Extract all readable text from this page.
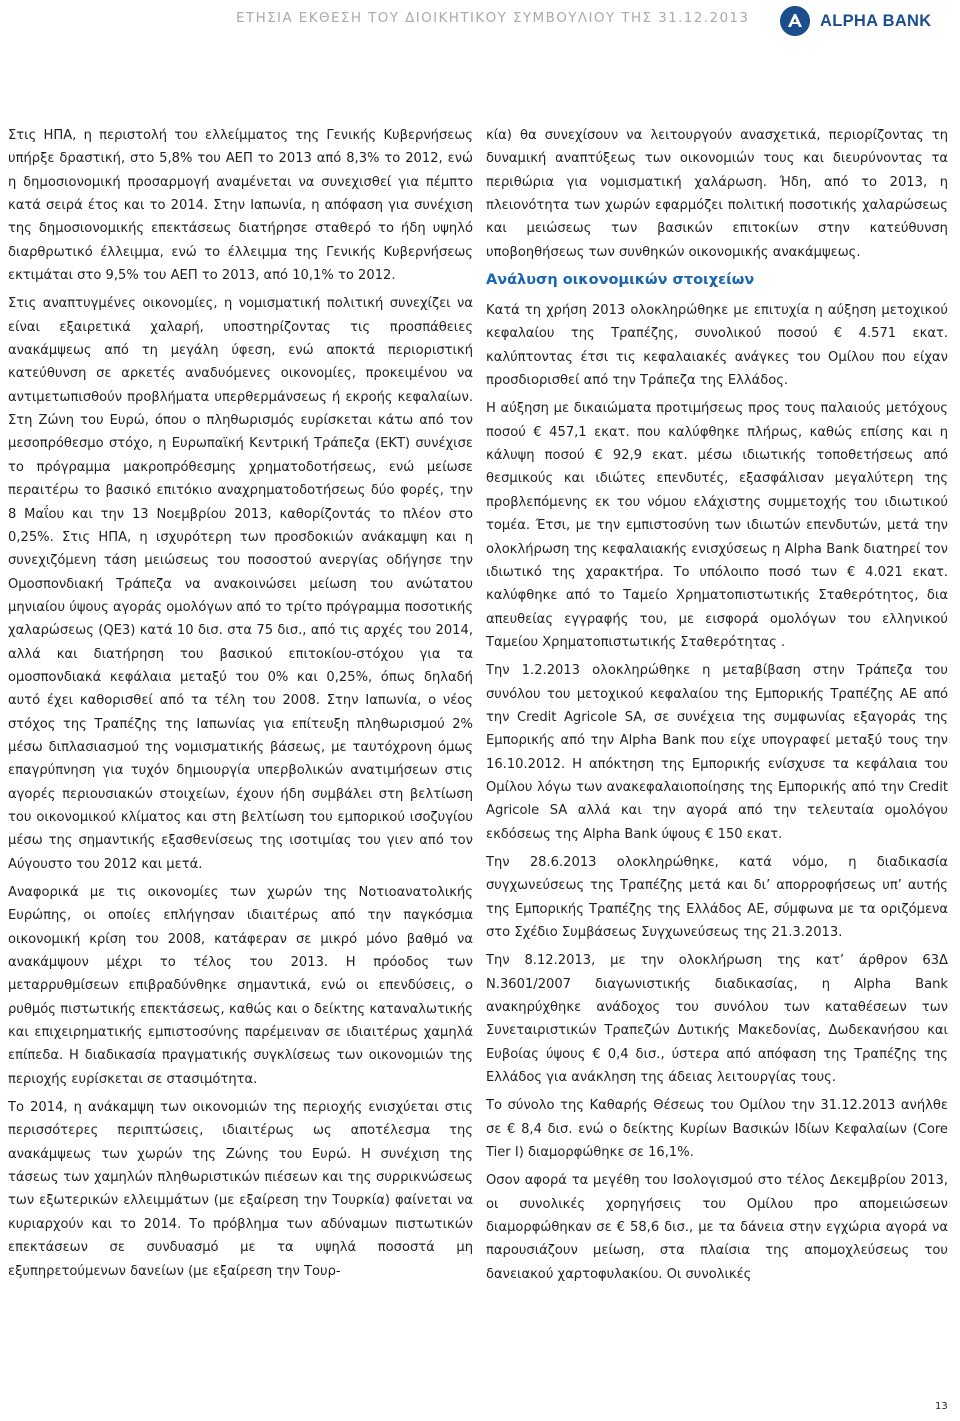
ΕΤΗΣΙΑ ΕΚΘΕΣΗ ΤΟΥ ΔΙΟΙΚΗΤΙΚΟΥ ΣΥΜΒΟΥΛΙΟΥ ΤΗΣ 31.12.2013	ALPHA BANK

Στις ΗΠΑ, η περιστολή του ελλείμματος της Γενικής Κυβερνήσεως υπήρξε δραστική, στο 5,8% του ΑΕΠ το 2013 από 8,3% το 2012, ενώ η δημοσιονομική προσαρμογή αναμένεται να συνεχισθεί για πέμπτο κατά σειρά έτος και το 2014. Στην Ιαπωνία, η απόφαση για συνέχιση της δημοσιονομικής επεκτάσεως διατήρησε σταθερό το ήδη υψηλό διαρθρωτικό έλλειμμα, ενώ το έλλειμμα της Γενικής Κυβερνήσεως εκτιμάται στο 9,5% του ΑΕΠ το 2013, από 10,1% το 2012.

Στις αναπτυγμένες οικονομίες, η νομισματική πολιτική συνεχίζει να είναι εξαιρετικά χαλαρή, υποστηρίζοντας τις προσπάθειες ανακάμψεως από τη μεγάλη ύφεση, ενώ αποκτά περιοριστική κατεύθυνση σε αρκετές αναδυόμενες οικονομίες, προκειμένου να αντιμετωπισθούν προβλήματα υπερθερμάνσεως ή εκροής κεφαλαίων. Στη Ζώνη του Ευρώ, όπου ο πληθωρισμός ευρίσκεται κάτω από τον μεσοπρόθεσμο στόχο, η Ευρωπαϊκή Κεντρική Τράπεζα (ΕΚΤ) συνέχισε το πρόγραμμα μακροπρόθεσμης χρηματοδοτήσεως, ενώ μείωσε περαιτέρω το βασικό επιτόκιο αναχρηματοδοτήσεως δύο φορές, την 8 Μαΐου και την 13 Νοεμβρίου 2013, καθορίζοντάς το πλέον στο 0,25%. Στις ΗΠΑ, η ισχυρότερη των προσδοκιών ανάκαμψη και η συνεχιζόμενη τάση μειώσεως του ποσοστού ανεργίας οδήγησε την Ομοσπονδιακή Τράπεζα να ανακοινώσει μείωση του ανώτατου μηνιαίου ύψους αγοράς ομολόγων από το τρίτο πρόγραμμα ποσοτικής χαλαρώσεως (QE3) κατά 10 δισ. στα 75 δισ., από τις αρχές του 2014, αλλά και διατήρηση του βασικού επιτοκίου-στόχου για τα ομοσπονδιακά κεφάλαια μεταξύ του 0% και 0,25%, όπως δηλαδή αυτό έχει καθορισθεί από τα τέλη του 2008. Στην Ιαπωνία, ο νέος στόχος της Τραπέζης της Ιαπωνίας για επίτευξη πληθωρισμού 2% μέσω διπλασιασμού της νομισματικής βάσεως, με ταυτόχρονη όμως επαγρύπνηση για τυχόν δημιουργία υπερβολικών ανατιμήσεων στις αγορές περιουσιακών στοιχείων, έχουν ήδη συμβάλει στη βελτίωση του οικονομικού κλίματος και στη βελτίωση του εμπορικού ισοζυγίου μέσω της σημαντικής εξασθενίσεως της ισοτιμίας του γιεν από τον Αύγουστο του 2012 και μετά.

Αναφορικά με τις οικονομίες των χωρών της Νοτιοανατολικής Ευρώπης, οι οποίες επλήγησαν ιδιαιτέρως από την παγκόσμια οικονομική κρίση του 2008, κατάφεραν σε μικρό μόνο βαθμό να ανακάμψουν μέχρι το τέλος του 2013. Η πρόοδος των μεταρρυθμίσεων επιβραδύνθηκε σημαντικά, ενώ οι επενδύσεις, ο ρυθμός πιστωτικής επεκτάσεως, καθώς και ο δείκτης καταναλωτικής και επιχειρηματικής εμπιστοσύνης παρέμειναν σε ιδιαιτέρως χαμηλά επίπεδα. Η διαδικασία πραγματικής συγκλίσεως των οικονομιών της περιοχής ευρίσκεται σε στασιμότητα.

Το 2014, η ανάκαμψη των οικονομιών της περιοχής ενισχύεται στις περισσότερες περιπτώσεις, ιδιαιτέρως ως αποτέλεσμα της ανακάμψεως των χωρών της Ζώνης του Ευρώ. Η συνέχιση της τάσεως των χαμηλών πληθωριστικών πιέσεων και της συρρικνώσεως των εξωτερικών ελλειμμάτων (με εξαίρεση την Τουρκία) φαίνεται να κυριαρχούν και το 2014. Το πρόβλημα των αδύναμων πιστωτικών επεκτάσεων σε συνδυασμό με τα υψηλά ποσοστά μη εξυπηρετούμενων δανείων (με εξαίρεση την Τουρ-

κία) θα συνεχίσουν να λειτουργούν ανασχετικά, περιορίζοντας τη δυναμική αναπτύξεως των οικονομιών τους και διευρύνοντας τα περιθώρια για νομισματική χαλάρωση. Ήδη, από το 2013, η πλειονότητα των χωρών εφαρμόζει πολιτική ποσοτικής χαλαρώσεως και μειώσεως των βασικών επιτοκίων στην κατεύθυνση υποβοηθήσεως των συνθηκών οικονομικής ανακάμψεως.

Ανάλυση οικονομικών στοιχείων

Κατά τη χρήση 2013 ολοκληρώθηκε με επιτυχία η αύξηση μετοχικού κεφαλαίου της Τραπέζης, συνολικού ποσού € 4.571 εκατ. καλύπτοντας έτσι τις κεφαλαιακές ανάγκες του Ομίλου που είχαν προσδιορισθεί από την Τράπεζα της Ελλάδος.

Η αύξηση με δικαιώματα προτιμήσεως προς τους παλαιούς μετόχους ποσού € 457,1 εκατ. που καλύφθηκε πλήρως, καθώς επίσης και η κάλυψη ποσού € 92,9 εκατ. μέσω ιδιωτικής τοποθετήσεως από θεσμικούς και ιδιώτες επενδυτές, εξασφάλισαν μεγαλύτερη της προβλεπόμενης εκ του νόμου ελάχιστης συμμετοχής του ιδιωτικού τομέα. Έτσι, με την εμπιστοσύνη των ιδιωτών επενδυτών, μετά την ολοκλήρωση της κεφαλαιακής ενισχύσεως η Alpha Bank διατηρεί τον ιδιωτικό της χαρακτήρα. Το υπόλοιπο ποσό των € 4.021 εκατ. καλύφθηκε από το Ταμείο Χρηματοπιστωτικής Σταθερότητος, δια απευθείας εγγραφής του, με εισφορά ομολόγων του ελληνικού Ταμείου Χρηματοπιστωτικής Σταθερότητας .

Την 1.2.2013 ολοκληρώθηκε η μεταβίβαση στην Τράπεζα του συνόλου του μετοχικού κεφαλαίου της Εμπορικής Τραπέζης ΑΕ από την Credit Agricole SA, σε συνέχεια της συμφωνίας εξαγοράς της Εμπορικής από την Alpha Bank που είχε υπογραφεί μεταξύ τους την 16.10.2012. Η απόκτηση της Εμπορικής ενίσχυσε τα κεφάλαια του Ομίλου λόγω των ανακεφαλαιοποίησης της Εμπορικής από την Credit Agricole SA αλλά και την αγορά από την τελευταία ομολόγου εκδόσεως της Alpha Bank ύψους € 150 εκατ.

Την 28.6.2013 ολοκληρώθηκε, κατά νόμο, η διαδικασία συγχωνεύσεως της Τραπέζης μετά και δι’ απορροφήσεως υπ’ αυτής της Εμπορικής Τραπέζης της Ελλάδος ΑΕ, σύμφωνα με τα οριζόμενα στο Σχέδιο Συμβάσεως Συγχωνεύσεως της 21.3.2013.

Την 8.12.2013, με την ολοκλήρωση της κατ’ άρθρον 63Δ Ν.3601/2007 διαγωνιστικής διαδικασίας, η Alpha Bank ανακηρύχθηκε ανάδοχος του συνόλου των καταθέσεων των Συνεταιριστικών Τραπεζών Δυτικής Μακεδονίας, Δωδεκανήσου και Ευβοίας ύψους € 0,4 δισ., ύστερα από απόφαση της Τραπέζης της Ελλάδος για ανάκληση της άδειας λειτουργίας τους.

Το σύνολο της Καθαρής Θέσεως του Ομίλου την 31.12.2013 ανήλθε σε € 8,4 δισ. ενώ ο δείκτης Κυρίων Βασικών Ιδίων Κεφαλαίων (Core Tier I) διαμορφώθηκε σε 16,1%.

Οσον αφορά τα μεγέθη του Ισολογισμού στο τέλος Δεκεμβρίου 2013, οι συνολικές χορηγήσεις του Ομίλου προ απομειώσεων διαμορφώθηκαν σε € 58,6 δισ., με τα δάνεια στην εγχώρια αγορά να παρουσιάζουν μείωση, στα πλαίσια της απομοχλεύσεως του δανειακού χαρτοφυλακίου. Οι συνολικές

13
